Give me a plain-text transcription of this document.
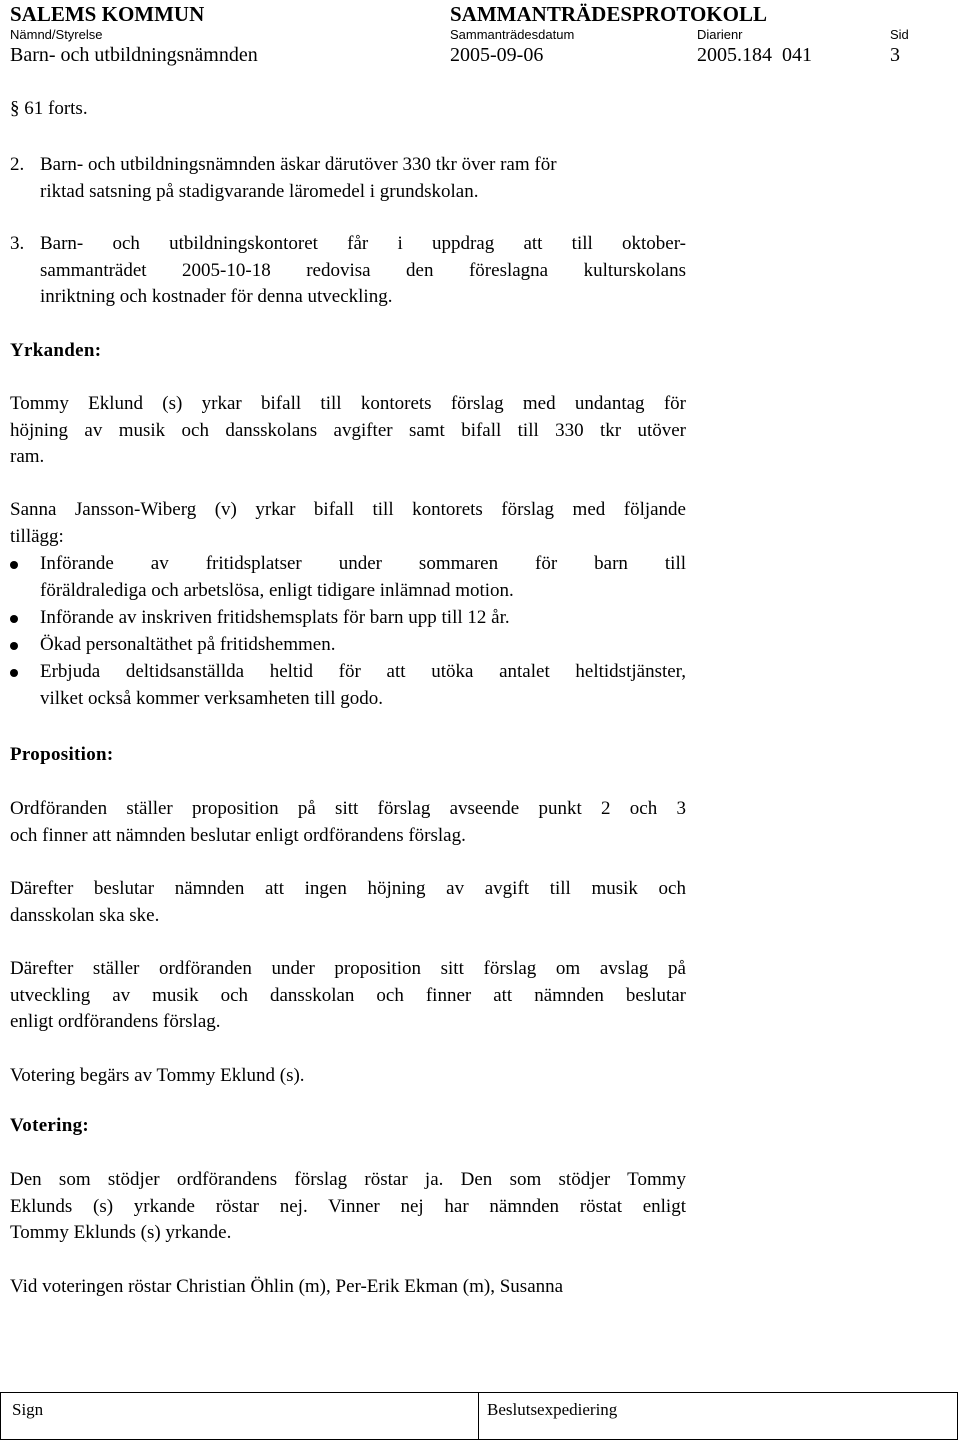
SALEMS KOMMUN	SAMMANTRÄDESPROTOKOLL
Nämnd/Styrelse	Sammanträdesdatum	Diarienr	Sid
Barn- och utbildningsnämnden	2005-09-06	2005.184  041	3
§ 61 forts.
2. Barn- och utbildningsnämnden äskar därutöver 330 tkr över ram för
riktad satsning på stadigvarande läromedel i grundskolan.
3. Barn- och utbildningskontoret får i uppdrag att till oktober-
sammanträdet 2005-10-18 redovisa den föreslagna kulturskolans
inriktning och kostnader för denna utveckling.
Yrkanden:
Tommy Eklund (s) yrkar bifall till kontorets förslag med undantag för
höjning av musik och dansskolans avgifter samt bifall till 330 tkr utöver
ram.
Sanna Jansson-Wiberg (v) yrkar bifall till kontorets förslag med följande
tillägg:
Införande av fritidsplatser under sommaren för barn till
föräldralediga och arbetslösa, enligt tidigare inlämnad motion.
Införande av inskriven fritidshemsplats för barn upp till 12 år.
Ökad personaltäthet på fritidshemmen.
Erbjuda deltidsanställda heltid för att utöka antalet heltidstjänster,
vilket också kommer verksamheten till godo.
Proposition:
Ordföranden ställer proposition på sitt förslag avseende punkt 2 och 3
och finner att nämnden beslutar enligt ordförandens förslag.
Därefter beslutar nämnden att ingen höjning av avgift till musik och
dansskolan ska ske.
Därefter ställer ordföranden under proposition sitt förslag om avslag på
utveckling av musik och dansskolan och finner att nämnden beslutar
enligt ordförandens förslag.
Votering begärs av Tommy Eklund (s).
Votering:
Den som stödjer ordförandens förslag röstar ja. Den som stödjer Tommy
Eklunds (s) yrkande röstar nej. Vinner nej har nämnden röstat enligt
Tommy Eklunds (s) yrkande.
Vid voteringen röstar Christian Öhlin (m), Per-Erik Ekman (m), Susanna
Sign	Beslutsexpediering
